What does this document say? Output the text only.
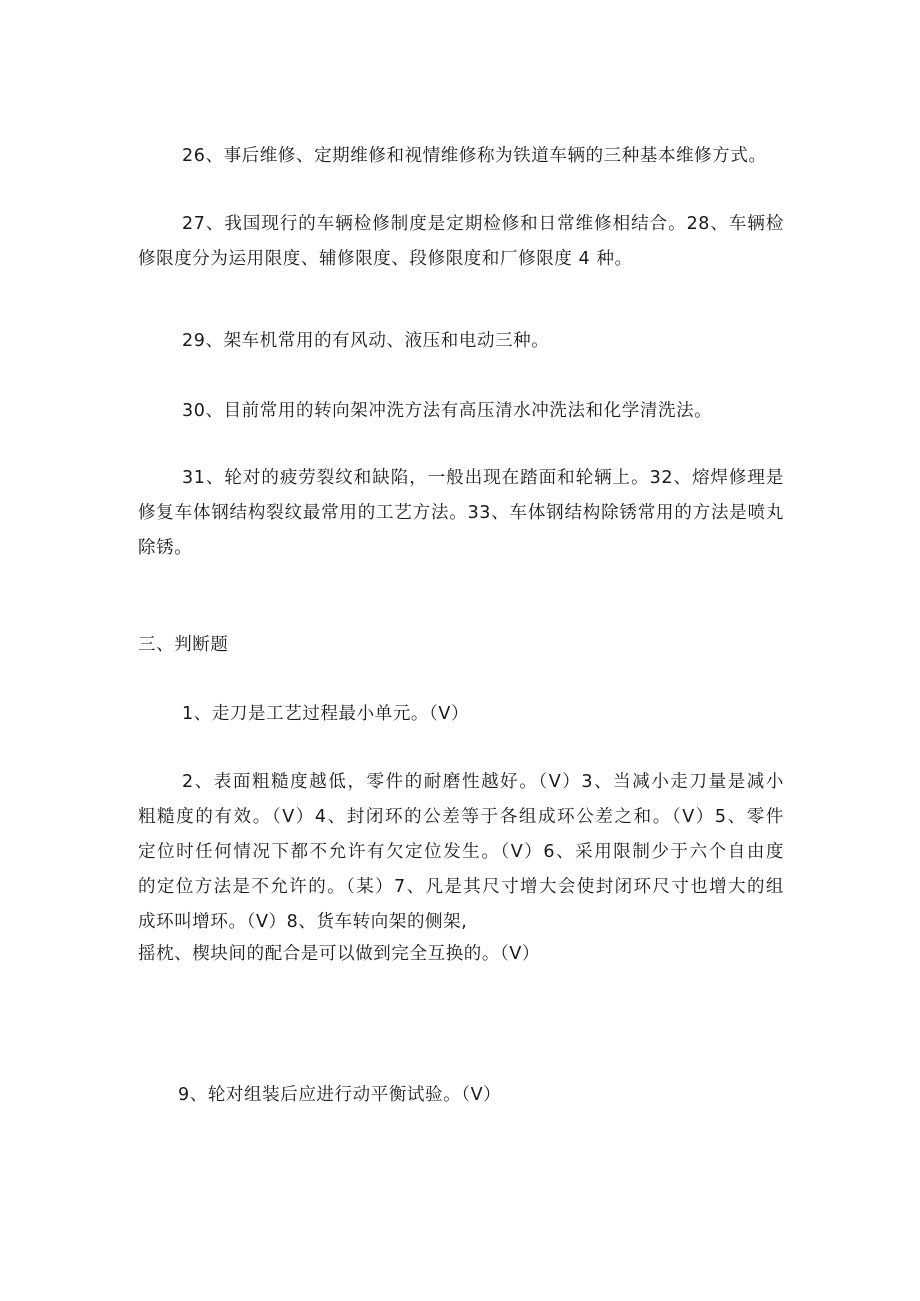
26、事后维修、定期维修和视情维修称为铁道车辆的三种基本维修方式。

27、我国现行的车辆检修制度是定期检修和日常维修相结合。28、车辆检
修限度分为运用限度、辅修限度、段修限度和厂修限度 4 种。

29、架车机常用的有风动、液压和电动三种。

30、目前常用的转向架冲洗方法有高压清水冲洗法和化学清洗法。

31、轮对的疲劳裂纹和缺陷，一般出现在踏面和轮辆上。32、熔焊修理是
修复车体钢结构裂纹最常用的工艺方法。33、车体钢结构除锈常用的方法是喷丸
除锈。

三、判断题

1、走刀是工艺过程最小单元。（V）

2、表面粗糙度越低，零件的耐磨性越好。（V）3、当减小走刀量是减小
粗糙度的有效。（V）4、封闭环的公差等于各组成环公差之和。（V）5、零件
定位时任何情况下都不允许有欠定位发生。（V）6、采用限制少于六个自由度
的定位方法是不允许的。（某）7、凡是其尺寸增大会使封闭环尺寸也增大的组
成环叫增环。（V）8、货车转向架的侧架,
摇枕、楔块间的配合是可以做到完全互换的。（V）

9、轮对组装后应进行动平衡试验。（V）
